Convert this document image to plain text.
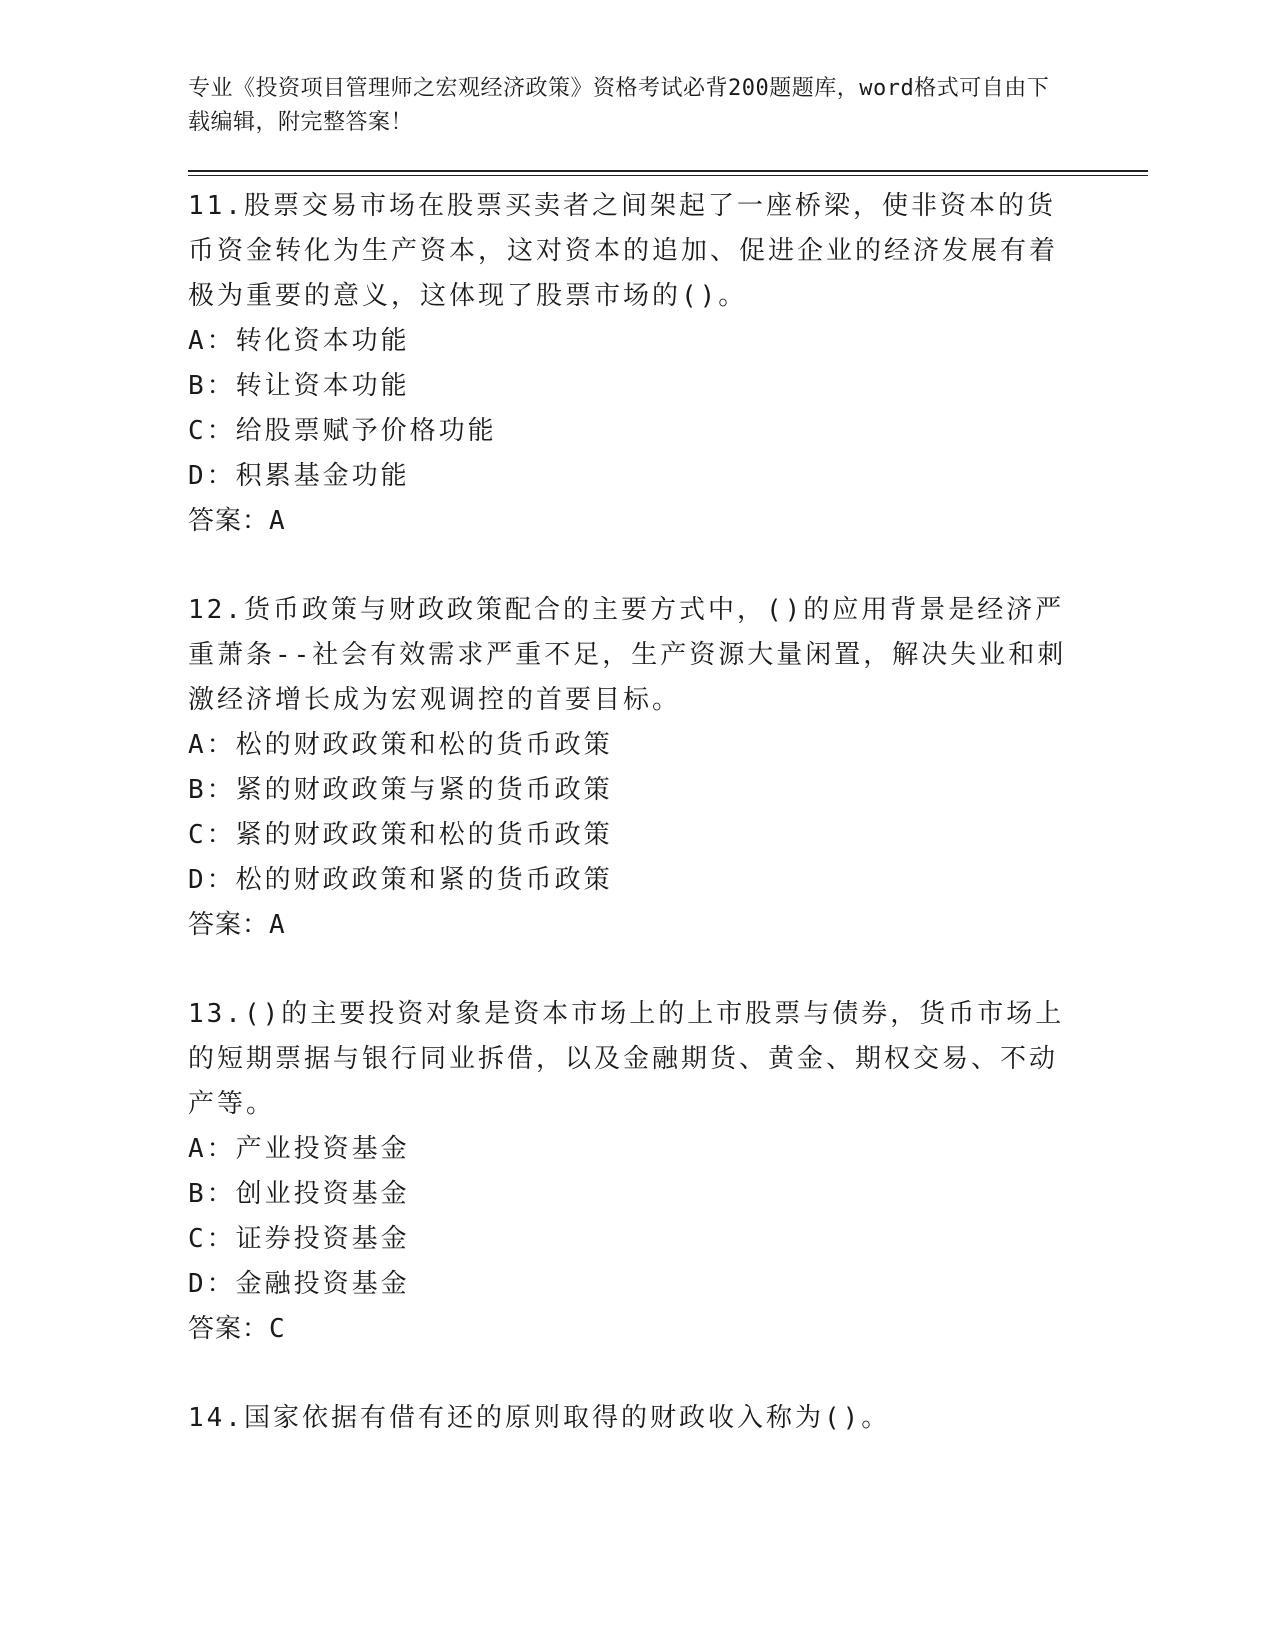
专业《投资项目管理师之宏观经济政策》资格考试必背200题题库，word格式可自由下载编辑，附完整答案！

11.股票交易市场在股票买卖者之间架起了一座桥梁，使非资本的货币资金转化为生产资本，这对资本的追加、促进企业的经济发展有着极为重要的意义，这体现了股票市场的()。

A：转化资本功能

B：转让资本功能

C：给股票赋予价格功能

D：积累基金功能

答案：A

12.货币政策与财政政策配合的主要方式中，()的应用背景是经济严重萧条--社会有效需求严重不足，生产资源大量闲置，解决失业和刺激经济增长成为宏观调控的首要目标。

A：松的财政政策和松的货币政策

B：紧的财政政策与紧的货币政策

C：紧的财政政策和松的货币政策

D：松的财政政策和紧的货币政策

答案：A

13.()的主要投资对象是资本市场上的上市股票与债券，货币市场上的短期票据与银行同业拆借，以及金融期货、黄金、期权交易、不动产等。

A：产业投资基金

B：创业投资基金

C：证券投资基金

D：金融投资基金

答案：C

14.国家依据有借有还的原则取得的财政收入称为()。
